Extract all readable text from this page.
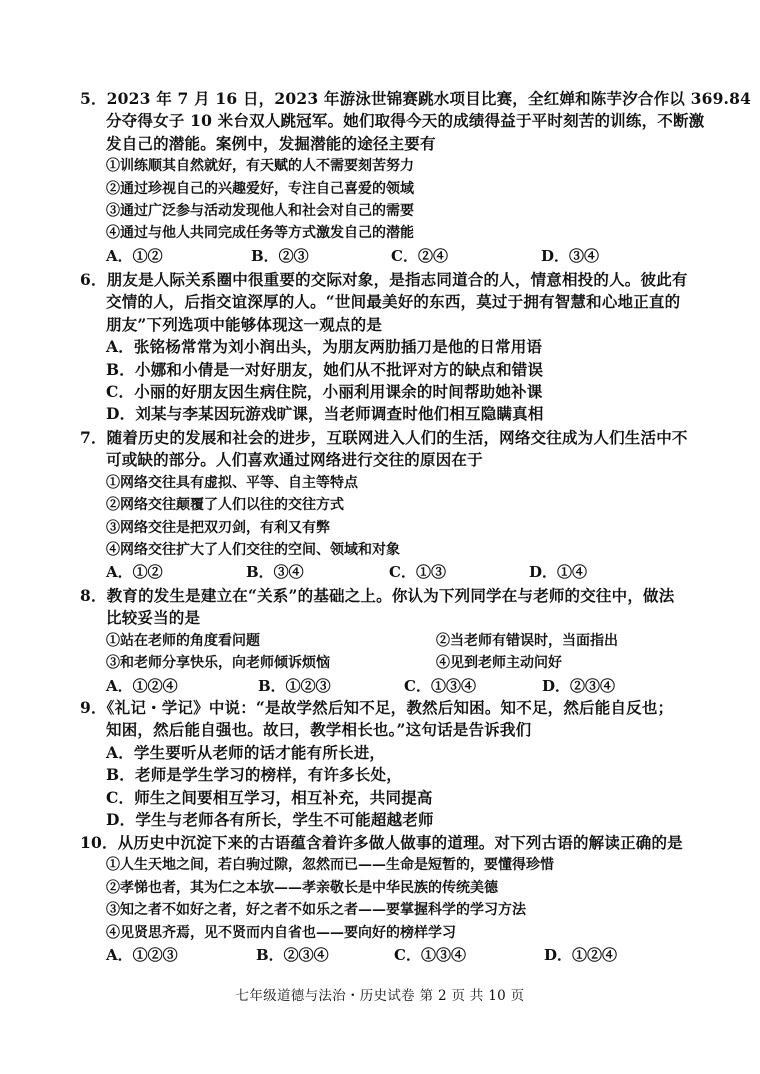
5．2023 年 7 月 16 日，2023 年游泳世锦赛跳水项目比赛，全红婵和陈芋汐合作以 369.84
分夺得女子 10 米台双人跳冠军。她们取得今天的成绩得益于平时刻苦的训练，不断激
发自己的潜能。案例中，发掘潜能的途径主要有
①训练顺其自然就好，有天赋的人不需要刻苦努力
②通过珍视自己的兴趣爱好，专注自己喜爱的领域
③通过广泛参与活动发现他人和社会对自己的需要
④通过与他人共同完成任务等方式激发自己的潜能
A．①②	B．②③	C．②④	D．③④
6．朋友是人际关系圈中很重要的交际对象，是指志同道合的人，情意相投的人。彼此有
交情的人，后指交谊深厚的人。“世间最美好的东西，莫过于拥有智慧和心地正直的
朋友”下列选项中能够体现这一观点的是
A．张铭杨常常为刘小润出头，为朋友两肋插刀是他的日常用语
B．小娜和小倩是一对好朋友，她们从不批评对方的缺点和错误
C．小丽的好朋友因生病住院，小丽利用课余的时间帮助她补课
D．刘某与李某因玩游戏旷课，当老师调查时他们相互隐瞒真相
7．随着历史的发展和社会的进步，互联网进入人们的生活，网络交往成为人们生活中不
可或缺的部分。人们喜欢通过网络进行交往的原因在于
①网络交往具有虚拟、平等、自主等特点
②网络交往颠覆了人们以往的交往方式
③网络交往是把双刃剑，有利又有弊
④网络交往扩大了人们交往的空间、领域和对象
A．①②	B．③④	C．①③	D．①④
8．教育的发生是建立在“关系”的基础之上。你认为下列同学在与老师的交往中，做法
比较妥当的是
①站在老师的角度看问题	②当老师有错误时，当面指出
③和老师分享快乐，向老师倾诉烦恼	④见到老师主动问好
A．①②④	B．①②③	C．①③④	D．②③④
9．《礼记・学记》中说：“是故学然后知不足，教然后知困。知不足，然后能自反也；
知困，然后能自强也。故曰，教学相长也。”这句话是告诉我们
A．学生要听从老师的话才能有所长进，
B．老师是学生学习的榜样，有许多长处，
C．师生之间要相互学习，相互补充，共同提高
D．学生与老师各有所长，学生不可能超越老师
10．从历史中沉淀下来的古语蕴含着许多做人做事的道理。对下列古语的解读正确的是
①人生天地之间，若白驹过隙，忽然而已——生命是短暂的，要懂得珍惜
②孝悌也者，其为仁之本欤——孝亲敬长是中华民族的传统美德
③知之者不如好之者，好之者不如乐之者——要掌握科学的学习方法
④见贤思齐焉，见不贤而内自省也——要向好的榜样学习
A．①②③	B．②③④	C．①③④	D．①②④
七年级道德与法治・历史试卷 第 2 页 共 10 页
